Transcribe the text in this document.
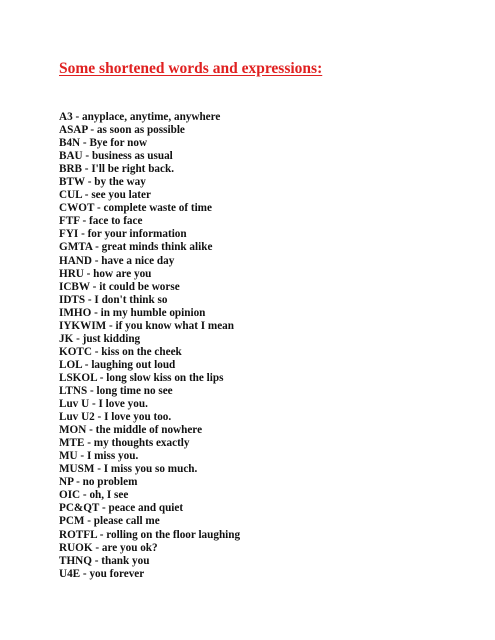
Some shortened words and expressions:
A3 - anyplace, anytime, anywhere
ASAP - as soon as possible
B4N - Bye for now
BAU - business as usual
BRB - I'll be right back.
BTW - by the way
CUL - see you later
CWOT - complete waste of time
FTF - face to face
FYI - for your information
GMTA - great minds think alike
HAND - have a nice day
HRU - how are you
ICBW - it could be worse
IDTS - I don't think so
IMHO - in my humble opinion
IYKWIM - if you know what I mean
JK - just kidding
KOTC - kiss on the cheek
LOL - laughing out loud
LSKOL - long slow kiss on the lips
LTNS - long time no see
Luv U - I love you.
Luv U2 - I love you too.
MON - the middle of nowhere
MTE - my thoughts exactly
MU - I miss you.
MUSM - I miss you so much.
NP - no problem
OIC - oh, I see
PC&QT - peace and quiet
PCM - please call me
ROTFL - rolling on the floor laughing
RUOK - are you ok?
THNQ - thank you
U4E - you forever
